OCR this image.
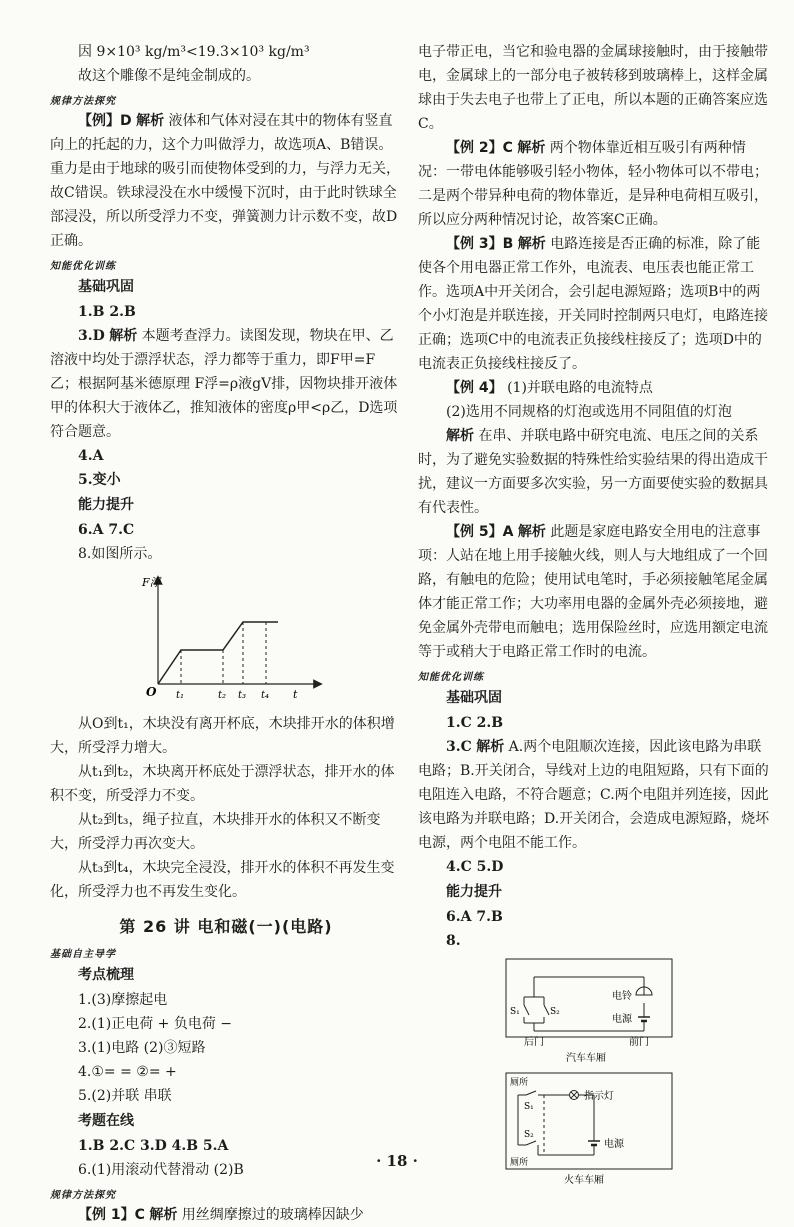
因 9×10³ kg/m³<19.3×10³ kg/m³

故这个雕像不是纯金制成的。

规律方法探究

【例】D 解析 液体和气体对浸在其中的物体有竖直向上的托起的力，这个力叫做浮力，故选项A、B错误。重力是由于地球的吸引而使物体受到的力，与浮力无关，故C错误。铁球浸没在水中缓慢下沉时，由于此时铁球全部浸没，所以所受浮力不变，弹簧测力计示数不变，故D正确。

知能优化训练
基础巩固

1.B 2.B

3.D 解析 本题考查浮力。读图发现，物块在甲、乙溶液中均处于漂浮状态，浮力都等于重力，即F甲=F乙；根据阿基米德原理 F浮=ρ液gV排，因物块排开液体甲的体积大于液体乙，推知液体的密度ρ甲<ρ乙，D选项符合题意。

4.A

5.变小

能力提升

6.A 7.C

8.如图所示。

F浮
O t₁	t₂ t₃ t₄ t

从O到t₁，木块没有离开杯底，木块排开水的体积增大，所受浮力增大。

从t₁到t₂，木块离开杯底处于漂浮状态，排开水的体积不变，所受浮力不变。

从t₂到t₃，绳子拉直，木块排开水的体积又不断变大，所受浮力再次变大。

从t₃到t₄，木块完全浸没，排开水的体积不再发生变化，所受浮力也不再发生变化。

第 26 讲 电和磁(一)(电路)
基础自主导学
考点梳理

1.(3)摩擦起电

2.(1)正电荷 + 负电荷 −

3.(1)电路 (2)③短路

4.①= = ②= +

5.(2)并联 串联

考题在线

1.B 2.C 3.D 4.B 5.A

6.(1)用滚动代替滑动 (2)B

规律方法探究

【例 1】C 解析 用丝绸摩擦过的玻璃棒因缺少

电子带正电，当它和验电器的金属球接触时，由于接触带电，金属球上的一部分电子被转移到玻璃棒上，这样金属球由于失去电子也带上了正电，所以本题的正确答案应选C。

【例 2】C 解析 两个物体靠近相互吸引有两种情况：一带电体能够吸引轻小物体，轻小物体可以不带电；二是两个带异种电荷的物体靠近，是异种电荷相互吸引，所以应分两种情况讨论，故答案C正确。

【例 3】B 解析 电路连接是否正确的标准，除了能使各个用电器正常工作外，电流表、电压表也能正常工作。选项A中开关闭合，会引起电源短路；选项B中的两个小灯泡是并联连接，开关同时控制两只电灯，电路连接正确；选项C中的电流表正负接线柱接反了；选项D中的电流表正负接线柱接反了。

【例 4】 (1)并联电路的电流特点

(2)选用不同规格的灯泡或选用不同阻值的灯泡

解析 在串、并联电路中研究电流、电压之间的关系时，为了避免实验数据的特殊性给实验结果的得出造成干扰，建议一方面要多次实验，另一方面要使实验的数据具有代表性。

【例 5】A 解析 此题是家庭电路安全用电的注意事项：人站在地上用手接触火线，则人与大地组成了一个回路，有触电的危险；使用试电笔时，手必须接触笔尾金属体才能正常工作；大功率用电器的金属外壳必须接地，避免金属外壳带电而触电；选用保险丝时，应选用额定电流等于或稍大于电路正常工作时的电流。

知能优化训练
基础巩固

1.C 2.B

3.C 解析 A.两个电阻顺次连接，因此该电路为串联电路；B.开关闭合，导线对上边的电阻短路，只有下面的电阻连入电路，不符合题意；C.两个电阻并列连接，因此该电路为并联电路；D.开关闭合，会造成电源短路，烧坏电源，两个电阻不能工作。

4.C 5.D

能力提升

6.A 7.B

8.

电铃
电源
S₁	S₂
后门	前门
汽车车厢
厕所
厕所
S₁
S₂
指示灯
电源
火车车厢
· 18 ·
